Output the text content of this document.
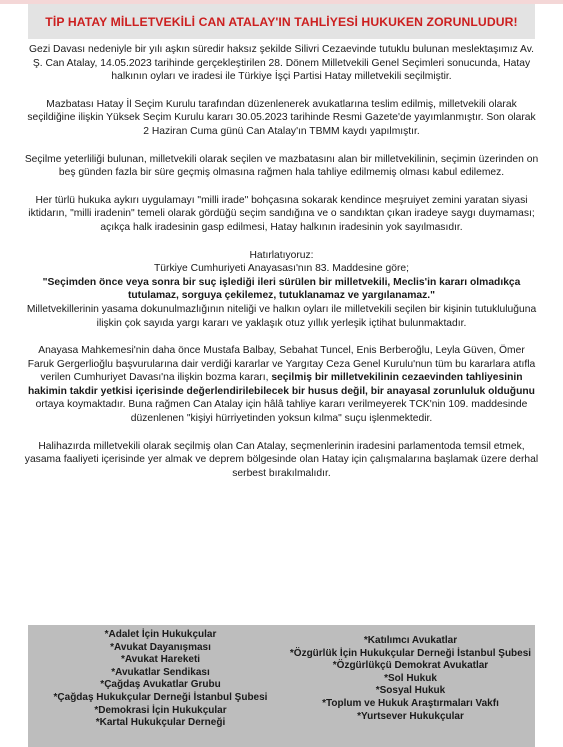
TİP HATAY MİLLETVEKİLİ CAN ATALAY'IN TAHLİYESİ HUKUKEN ZORUNLUDUR!

Gezi Davası nedeniyle bir yılı aşkın süredir haksız şekilde Silivri Cezaevinde tutuklu bulunan meslektaşımız Av. Ş. Can Atalay, 14.05.2023 tarihinde gerçekleştirilen 28. Dönem Milletvekili Genel Seçimleri sonucunda, Hatay halkının oyları ve iradesi ile Türkiye İşçi Partisi Hatay milletvekili seçilmiştir.

Mazbatası Hatay İl Seçim Kurulu tarafından düzenlenerek avukatlarına teslim edilmiş, milletvekili olarak seçildiğine ilişkin Yüksek Seçim Kurulu kararı 30.05.2023 tarihinde Resmi Gazete'de yayımlanmıştır. Son olarak 2 Haziran Cuma günü Can Atalay'ın TBMM kaydı yapılmıştır.

Seçilme yeterliliği bulunan, milletvekili olarak seçilen ve mazbatasını alan bir milletvekilinin, seçimin üzerinden on beş günden fazla bir süre geçmiş olmasına rağmen hala tahliye edilmemiş olması kabul edilemez.

Her türlü hukuka aykırı uygulamayı "milli irade" bohçasına sokarak kendince meşruiyet zemini yaratan siyasi iktidarın, "milli iradenin" temeli olarak gördüğü seçim sandığına ve o sandıktan çıkan iradeye saygı duymaması; açıkça halk iradesinin gasp edilmesi, Hatay halkının iradesinin yok sayılmasıdır.

Hatırlatıyoruz:
Türkiye Cumhuriyeti Anayasası'nın 83. Maddesine göre;
"Seçimden önce veya sonra bir suç işlediği ileri sürülen bir milletvekili, Meclis'in kararı olmadıkça tutulamaz, sorguya çekilemez, tutuklanamaz ve yargılanamaz."
Milletvekillerinin yasama dokunulmazlığının niteliği ve halkın oyları ile milletvekili seçilen bir kişinin tutukluluğuna ilişkin çok sayıda yargı kararı ve yaklaşık otuz yıllık yerleşik içtihat bulunmaktadır.

Anayasa Mahkemesi'nin daha önce Mustafa Balbay, Sebahat Tuncel, Enis Berberoğlu, Leyla Güven, Ömer Faruk Gergerlioğlu başvurularına dair verdiği kararlar ve Yargıtay Ceza Genel Kurulu'nun tüm bu kararlara atıfla verilen Cumhuriyet Davası'na ilişkin bozma kararı, seçilmiş bir milletvekilinin cezaevinden tahliyesinin hakimin takdir yetkisi içerisinde değerlendirilebilecek bir husus değil, bir anayasal zorunluluk olduğunu ortaya koymaktadır. Buna rağmen Can Atalay için hâlâ tahliye kararı verilmeyerek TCK'nin 109. maddesinde düzenlenen "kişiyi hürriyetinden yoksun kılma" suçu işlenmektedir.

Halihazırda milletvekili olarak seçilmiş olan Can Atalay, seçmenlerinin iradesini parlamentoda temsil etmek, yasama faaliyeti içerisinde yer almak ve deprem bölgesinde olan Hatay için çalışmalarına başlamak üzere derhal serbest bırakılmalıdır.

*Adalet İçin Hukukçular
*Avukat Dayanışması
*Avukat Hareketi
*Avukatlar Sendikası
*Çağdaş Avukatlar Grubu
*Çağdaş Hukukçular Derneği İstanbul Şubesi
*Demokrasi İçin Hukukçular
*Kartal Hukukçular Derneği
*Katılımcı Avukatlar
*Özgürlük İçin Hukukçular Derneği İstanbul Şubesi
*Özgürlükçü Demokrat Avukatlar
*Sol Hukuk
*Sosyal Hukuk
*Toplum ve Hukuk Araştırmaları Vakfı
*Yurtsever Hukukçular
